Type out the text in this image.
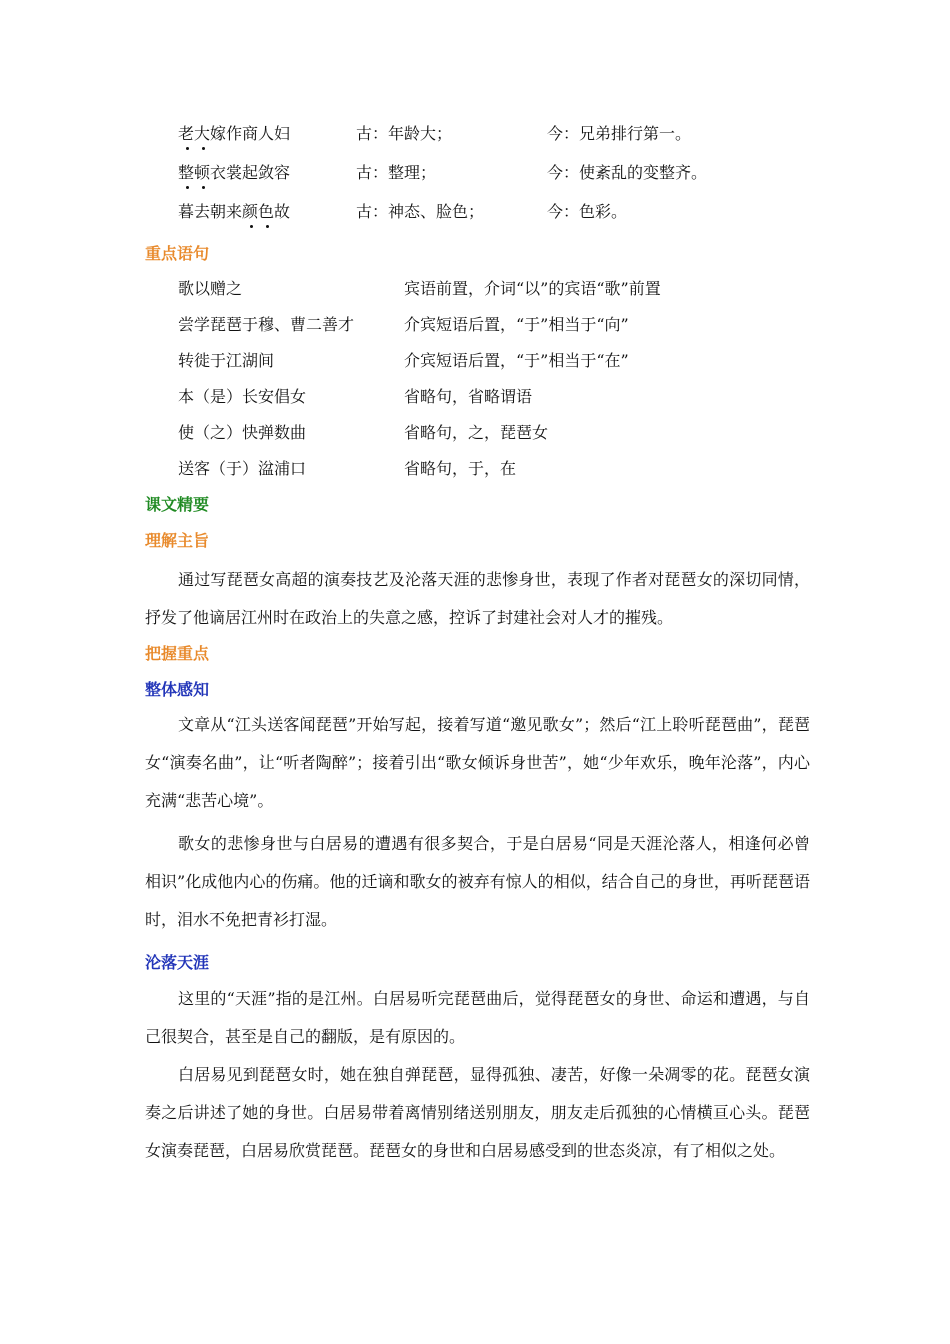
老大嫁作商人妇	古：年龄大；	今：兄弟排行第一。
整顿衣裳起敛容	古：整理；	今：使紊乱的变整齐。
暮去朝来颜色故	古：神态、脸色；	今：色彩。
重点语句
歌以赠之	宾语前置，介词“以”的宾语“歌”前置
尝学琵琶于穆、曹二善才	介宾短语后置，“于”相当于“向”
转徙于江湖间	介宾短语后置，“于”相当于“在”
本（是）长安倡女	省略句，省略谓语
使（之）快弹数曲	省略句，之，琵琶女
送客（于）湓浦口	省略句，于，在
课文精要
理解主旨

通过写琵琶女高超的演奏技艺及沦落天涯的悲惨身世，表现了作者对琵琶女的深切同情，抒发了他谪居江州时在政治上的失意之感，控诉了封建社会对人才的摧残。

把握重点
整体感知

文章从“江头送客闻琵琶”开始写起，接着写道“邀见歌女”；然后“江上聆听琵琶曲”，琵琶女“演奏名曲”，让“听者陶醉”；接着引出“歌女倾诉身世苦”，她“少年欢乐，晚年沦落”，内心充满“悲苦心境”。

歌女的悲惨身世与白居易的遭遇有很多契合，于是白居易“同是天涯沦落人，相逢何必曾相识”化成他内心的伤痛。他的迁谪和歌女的被弃有惊人的相似，结合自己的身世，再听琵琶语时，泪水不免把青衫打湿。

沦落天涯

这里的“天涯”指的是江州。白居易听完琵琶曲后，觉得琵琶女的身世、命运和遭遇，与自己很契合，甚至是自己的翻版，是有原因的。

白居易见到琵琶女时，她在独自弹琵琶，显得孤独、凄苦，好像一朵凋零的花。琵琶女演奏之后讲述了她的身世。白居易带着离情别绪送别朋友，朋友走后孤独的心情横亘心头。琵琶女演奏琵琶，白居易欣赏琵琶。琵琶女的身世和白居易感受到的世态炎凉，有了相似之处。
